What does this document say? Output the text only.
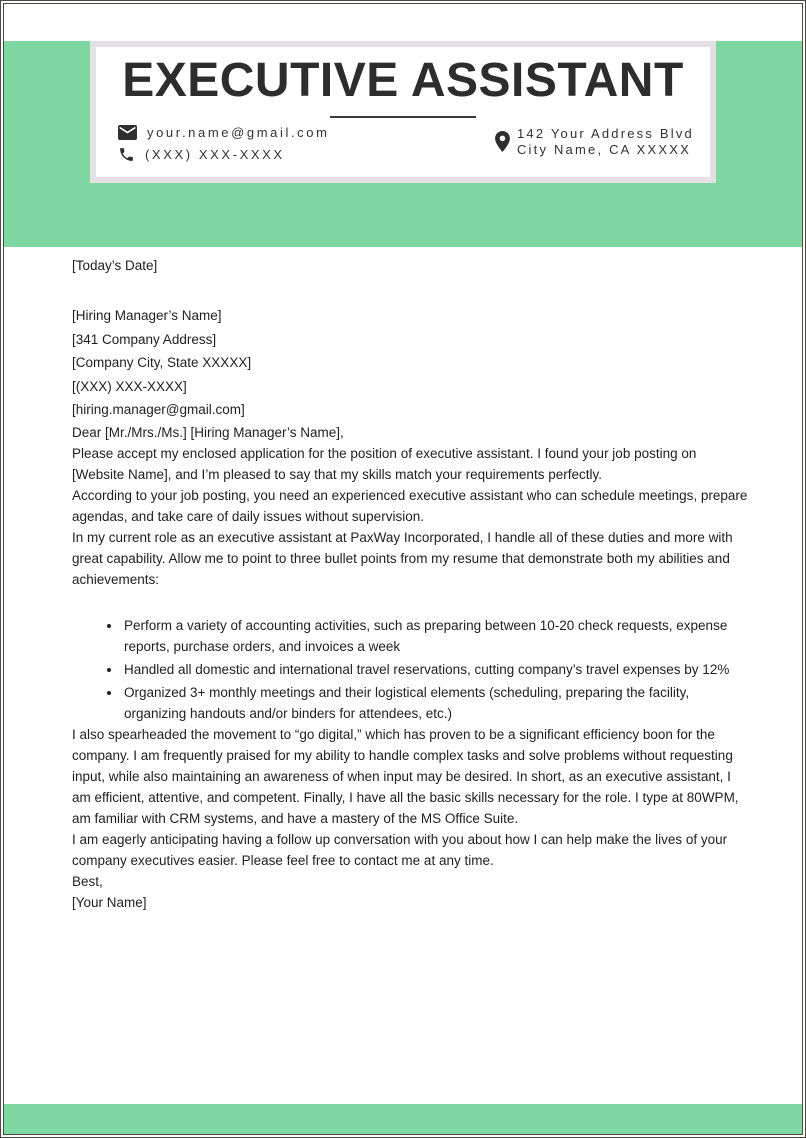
EXECUTIVE ASSISTANT
your.name@gmail.com
(XXX) XXX-XXXX
142 Your Address Blvd
City Name, CA XXXXX

[Today’s Date]

[Hiring Manager’s Name]

[341 Company Address]

[Company City, State XXXXX]

[(XXX) XXX-XXXX]

[hiring.manager@gmail.com]

Dear [Mr./Mrs./Ms.] [Hiring Manager’s Name],

Please accept my enclosed application for the position of executive assistant. I found your job posting on [Website Name], and I’m pleased to say that my skills match your requirements perfectly.

According to your job posting, you need an experienced executive assistant who can schedule meetings, prepare agendas, and take care of daily issues without supervision.

In my current role as an executive assistant at PaxWay Incorporated, I handle all of these duties and more with great capability. Allow me to point to three bullet points from my resume that demonstrate both my abilities and achievements:

• Perform a variety of accounting activities, such as preparing between 10-20 check requests, expense reports, purchase orders, and invoices a week
• Handled all domestic and international travel reservations, cutting company’s travel expenses by 12%
• Organized 3+ monthly meetings and their logistical elements (scheduling, preparing the facility, organizing handouts and/or binders for attendees, etc.)

I also spearheaded the movement to “go digital,” which has proven to be a significant efficiency boon for the company. I am frequently praised for my ability to handle complex tasks and solve problems without requesting input, while also maintaining an awareness of when input may be desired. In short, as an executive assistant, I am efficient, attentive, and competent. Finally, I have all the basic skills necessary for the role. I type at 80WPM, am familiar with CRM systems, and have a mastery of the MS Office Suite.

I am eagerly anticipating having a follow up conversation with you about how I can help make the lives of your company executives easier. Please feel free to contact me at any time.

Best,

[Your Name]
